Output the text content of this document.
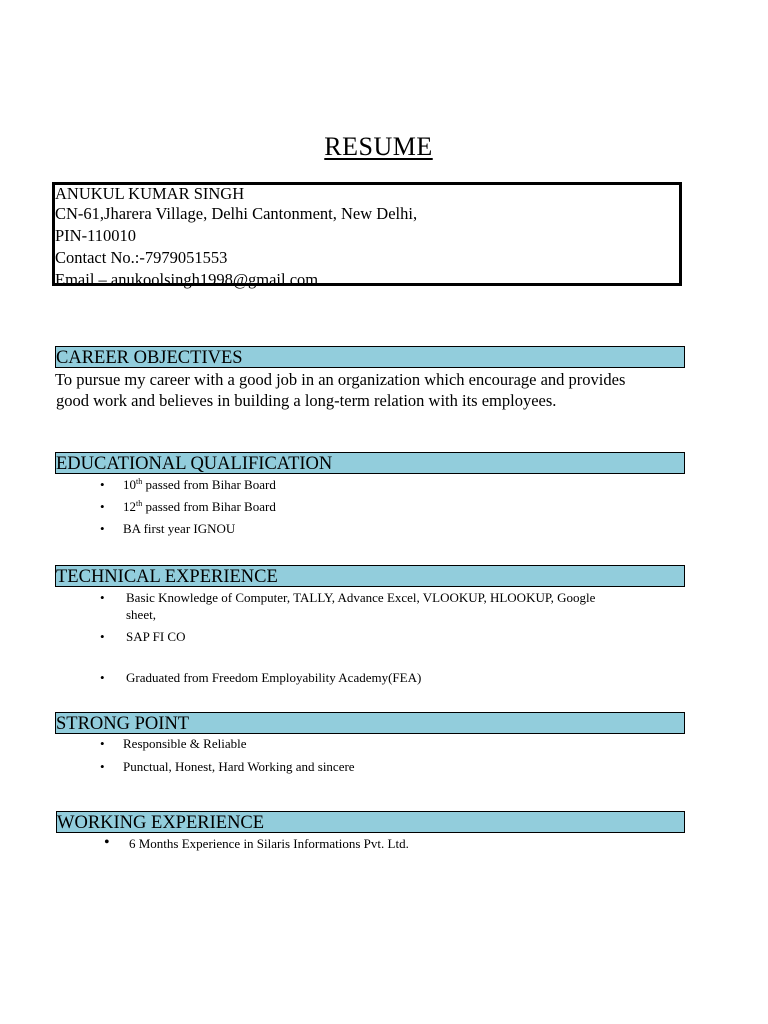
RESUME
ANUKUL KUMAR SINGH
CN-61,Jharera Village, Delhi Cantonment, New Delhi,
PIN-110010
Contact No.:-7979051553
Email – anukoolsingh1998@gmail.com
CAREER OBJECTIVES
To pursue my career with a good job in an organization which encourage and provides
good work and believes in building a long-term relation with its employees.
EDUCATIONAL QUALIFICATION
• 10th passed from Bihar Board
• 12th passed from Bihar Board
• BA first year IGNOU
TECHNICAL EXPERIENCE
• Basic Knowledge of Computer, TALLY, Advance Excel, VLOOKUP, HLOOKUP, Google
sheet,
• SAP FI CO
• Graduated from Freedom Employability Academy(FEA)
STRONG POINT
• Responsible & Reliable
• Punctual, Honest, Hard Working and sincere
WORKING EXPERIENCE
• 6 Months Experience in Silaris Informations Pvt. Ltd.
